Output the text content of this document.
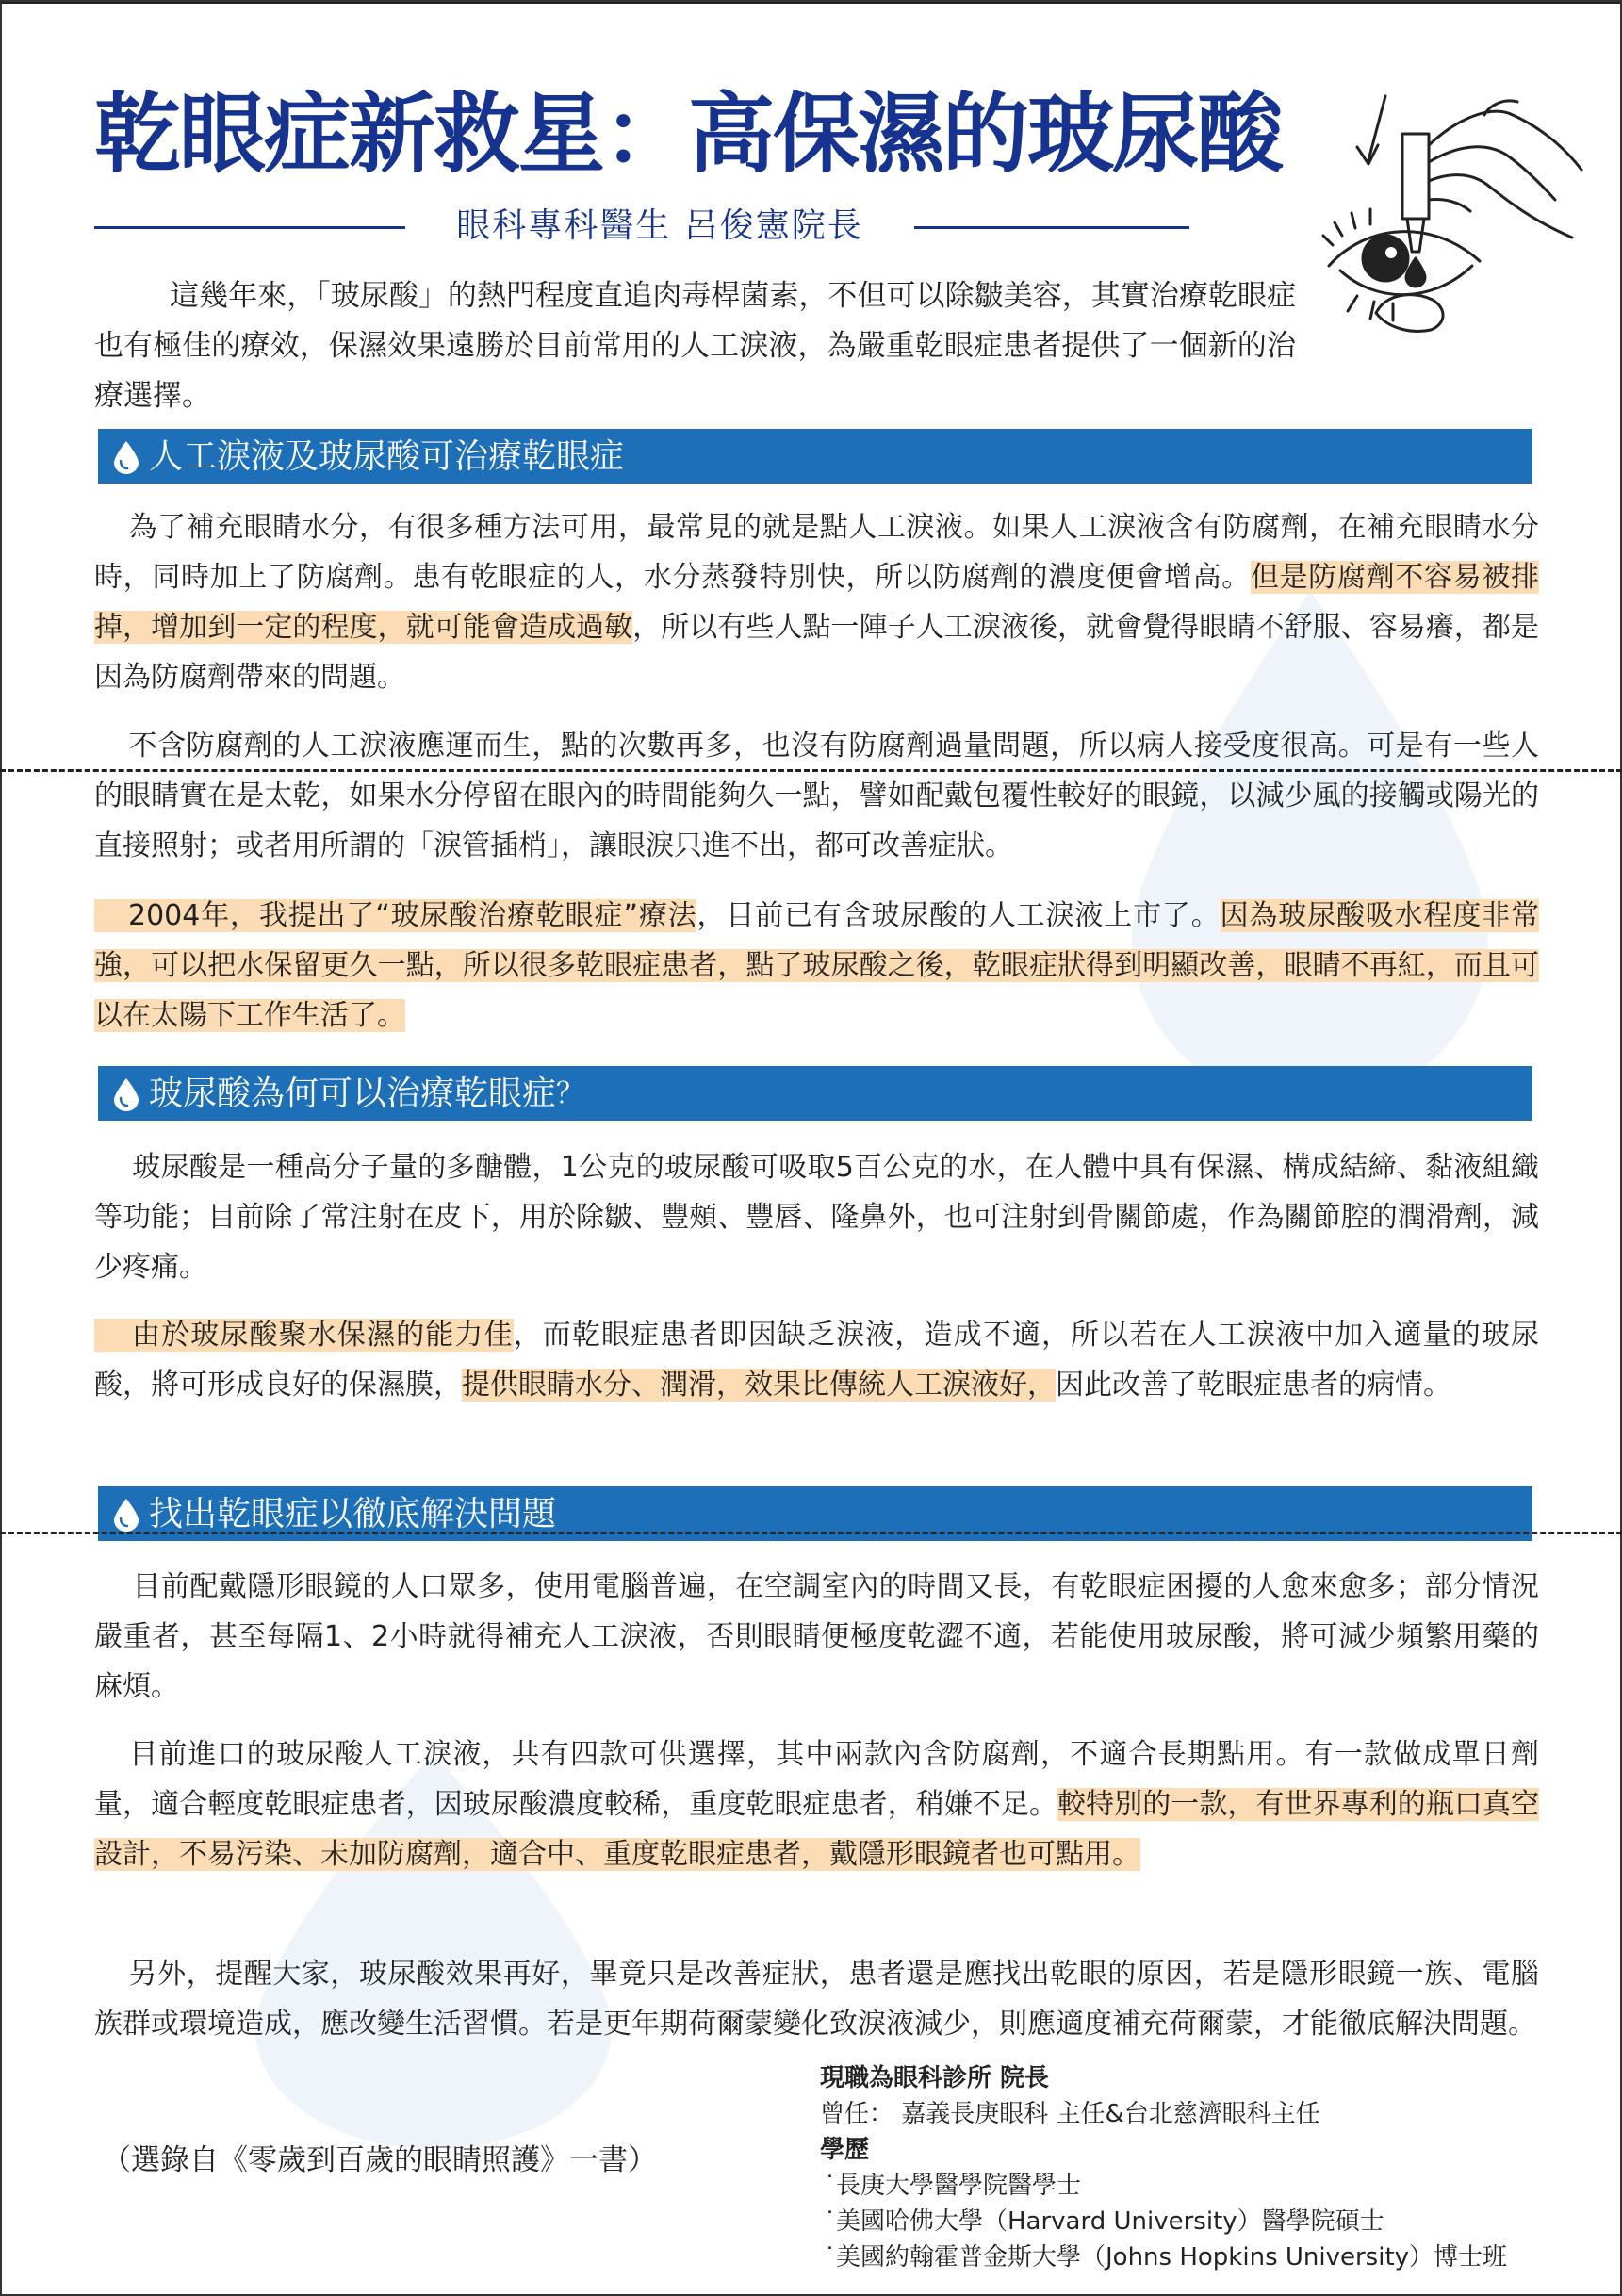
乾眼症新救星：高保濕的玻尿酸
眼科專科醫生 呂俊憲院長
這幾年來，「玻尿酸」的熱門程度直追肉毒桿菌素，不但可以除皺美容，其實治療乾眼症也有極佳的療效，保濕效果遠勝於目前常用的人工淚液，為嚴重乾眼症患者提供了一個新的治療選擇。
人工淚液及玻尿酸可治療乾眼症
為了補充眼睛水分，有很多種方法可用，最常見的就是點人工淚液。如果人工淚液含有防腐劑，在補充眼睛水分時，同時加上了防腐劑。患有乾眼症的人，水分蒸發特別快，所以防腐劑的濃度便會增高。但是防腐劑不容易被排掉，增加到一定的程度，就可能會造成過敏，所以有些人點一陣子人工淚液後，就會覺得眼睛不舒服、容易癢，都是因為防腐劑帶來的問題。
不含防腐劑的人工淚液應運而生，點的次數再多，也沒有防腐劑過量問題，所以病人接受度很高。可是有一些人的眼睛實在是太乾，如果水分停留在眼內的時間能夠久一點，譬如配戴包覆性較好的眼鏡，以減少風的接觸或陽光的直接照射；或者用所謂的「淚管插梢」，讓眼淚只進不出，都可改善症狀。
2004年，我提出了“玻尿酸治療乾眼症”療法，目前已有含玻尿酸的人工淚液上市了。因為玻尿酸吸水程度非常強，可以把水保留更久一點，所以很多乾眼症患者，點了玻尿酸之後，乾眼症狀得到明顯改善，眼睛不再紅，而且可以在太陽下工作生活了。
玻尿酸為何可以治療乾眼症？
玻尿酸是一種高分子量的多醣體，1公克的玻尿酸可吸取5百公克的水，在人體中具有保濕、構成結締、黏液組織等功能；目前除了常注射在皮下，用於除皺、豐頰、豐唇、隆鼻外，也可注射到骨關節處，作為關節腔的潤滑劑，減少疼痛。
由於玻尿酸聚水保濕的能力佳，而乾眼症患者即因缺乏淚液，造成不適，所以若在人工淚液中加入適量的玻尿酸，將可形成良好的保濕膜，提供眼睛水分、潤滑，效果比傳統人工淚液好，因此改善了乾眼症患者的病情。
找出乾眼症以徹底解決問題
目前配戴隱形眼鏡的人口眾多，使用電腦普遍，在空調室內的時間又長，有乾眼症困擾的人愈來愈多；部分情況嚴重者，甚至每隔1、2小時就得補充人工淚液，否則眼睛便極度乾澀不適，若能使用玻尿酸，將可減少頻繁用藥的麻煩。
目前進口的玻尿酸人工淚液，共有四款可供選擇，其中兩款內含防腐劑，不適合長期點用。有一款做成單日劑量，適合輕度乾眼症患者，因玻尿酸濃度較稀，重度乾眼症患者，稍嫌不足。較特別的一款，有世界專利的瓶口真空設計，不易污染、未加防腐劑，適合中、重度乾眼症患者，戴隱形眼鏡者也可點用。
另外，提醒大家，玻尿酸效果再好，畢竟只是改善症狀，患者還是應找出乾眼的原因，若是隱形眼鏡一族、電腦族群或環境造成，應改變生活習慣。若是更年期荷爾蒙變化致淚液減少，則應適度補充荷爾蒙，才能徹底解決問題。
（選錄自《零歲到百歲的眼睛照護》一書）
現職為眼科診所 院長
曾任： 嘉義長庚眼科 主任&台北慈濟眼科主任
學歷
˙長庚大學醫學院醫學士
˙美國哈佛大學（Harvard University）醫學院碩士
˙美國約翰霍普金斯大學（Johns Hopkins University）博士班
